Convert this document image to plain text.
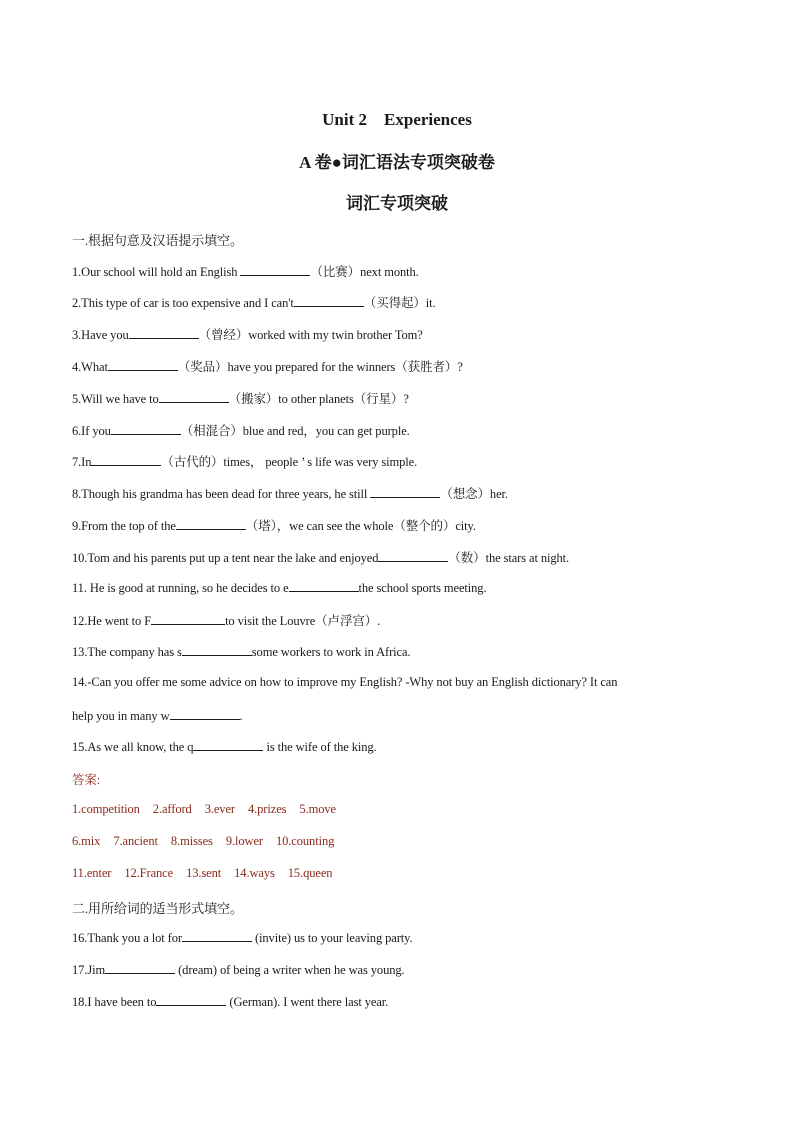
Unit 2　Experiences
A 卷●词汇语法专项突破卷
词汇专项突破
一.根据句意及汉语提示填空。
1.Our school will hold an English	（比赛）next month.
2.This type of car is too expensive and I can't	（买得起）it.
3.Have you	（曾经）worked with my twin brother Tom?
4.What	（奖品）have you prepared for the winners（获胜者）?
5.Will we have to	（搬家）to other planets（行星）?
6.If you	（相混合）blue and red，you can get purple.
7.In	（古代的）times， people ’ s life was very simple.
8.Though his grandma has been dead for three years, he still	（想念）her.
9.From the top of the	（塔），we can see the whole（整个的）city.
10.Tom and his parents put up a tent near the lake and enjoyed	（数）the stars at night.
11. He is good at running, so he decides to e	the school sports meeting.
12.He went to F	to visit the Louvre（卢浮宫）.
13.The company has s	some workers to work in Africa.
14.-Can you offer me some advice on how to improve my English? -Why not buy an English dictionary? It can
help you in many w	.
15.As we all know, the q	is the wife of the king.
答案:
1.competition 2.afford 3.ever 4.prizes 5.move
6.mix 7.ancient 8.misses 9.lower 10.counting
11.enter 12.France 13.sent 14.ways 15.queen
二.用所给词的适当形式填空。
16.Thank you a lot for	(invite) us to your leaving party.
17.Jim	(dream) of being a writer when he was young.
18.I have been to	(German). I went there last year.
